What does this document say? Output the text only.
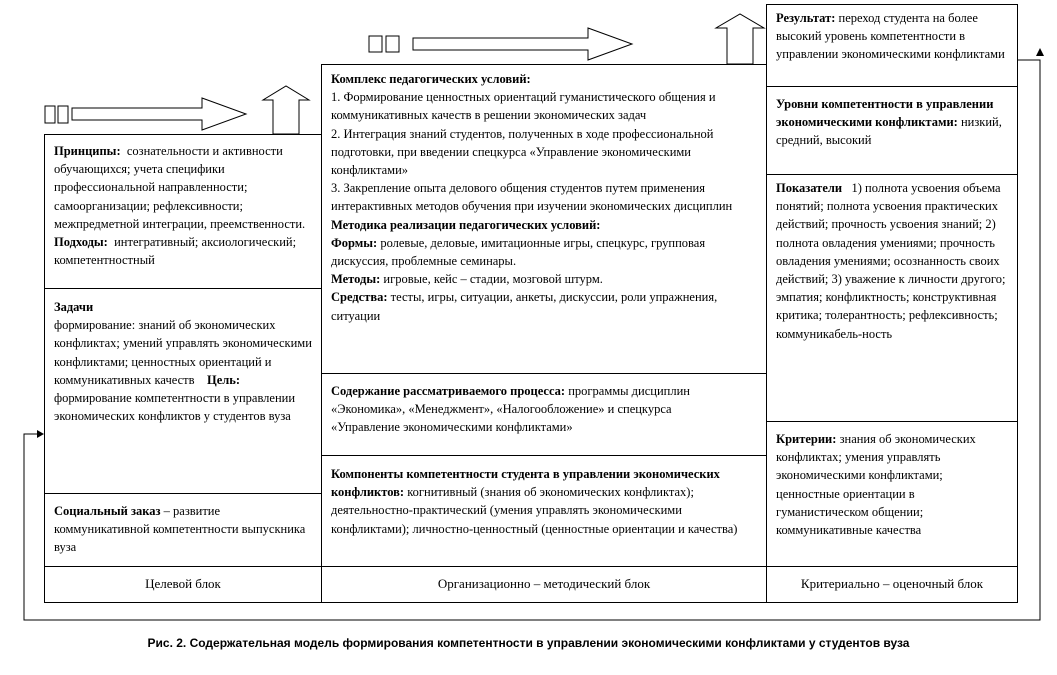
Принципы: сознательности и активности обучающихся; учета специфики профессиональной направленности; самоорганизации; рефлексивности; межпредметной интеграции, преемственности.
Подходы: интегративный; аксиологический; компетентностный
Задачи
формирование: знаний об экономических конфликтах; умений управлять экономическими конфликтами; ценностных ориентаций и коммуникативных качеств Цель: формирование компетентности в управлении экономических конфликтов у студентов вуза
Социальный заказ – развитие коммуникативной компетентности выпускника вуза
Комплекс педагогических условий:
1. Формирование ценностных ориентаций гуманистического общения и коммуникативных качеств в решении экономических задач
2. Интеграция знаний студентов, полученных в ходе профессиональной подготовки, при введении спецкурса «Управление экономическими конфликтами»
3. Закрепление опыта делового общения студентов путем применения интерактивных методов обучения при изучении экономических дисциплин
Методика реализации педагогических условий:
Формы: ролевые, деловые, имитационные игры, спецкурс, групповая дискуссия, проблемные семинары.
Методы: игровые, кейс – стадии, мозговой штурм.
Средства: тесты, игры, ситуации, анкеты, дискуссии, роли упражнения, ситуации
Содержание рассматриваемого процесса: программы дисциплин «Экономика», «Менеджмент», «Налогообложение» и спецкурса «Управление экономическими конфликтами»
Компоненты компетентности студента в управлении экономических конфликтов: когнитивный (знания об экономических конфликтах); деятельностно-практический (умения управлять экономическими конфликтами); личностно-ценностный (ценностные ориентации и качества)
Результат: переход студента на более высокий уровень компетентности в управлении экономическими конфликтами
Уровни компетентности в управлении экономическими конфликтами: низкий, средний, высокий
Показатели 1) полнота усвоения объема понятий; полнота усвоения практических действий; прочность усвоения знаний; 2) полнота овладения умениями; прочность овладения умениями; осознанность своих действий; 3) уважение к личности другого; эмпатия; конфликтность; конструктивная критика; толерантность; рефлексивность; коммуникабель-ность
Критерии: знания об экономических конфликтах; умения управлять экономическими конфликтами; ценностные ориентации в гуманистическом общении; коммуникативные качества
Целевой блок	Организационно – методический блок	Критериально – оценочный блок
Рис. 2. Содержательная модель формирования компетентности в управлении экономическими конфликтами у студентов вуза
